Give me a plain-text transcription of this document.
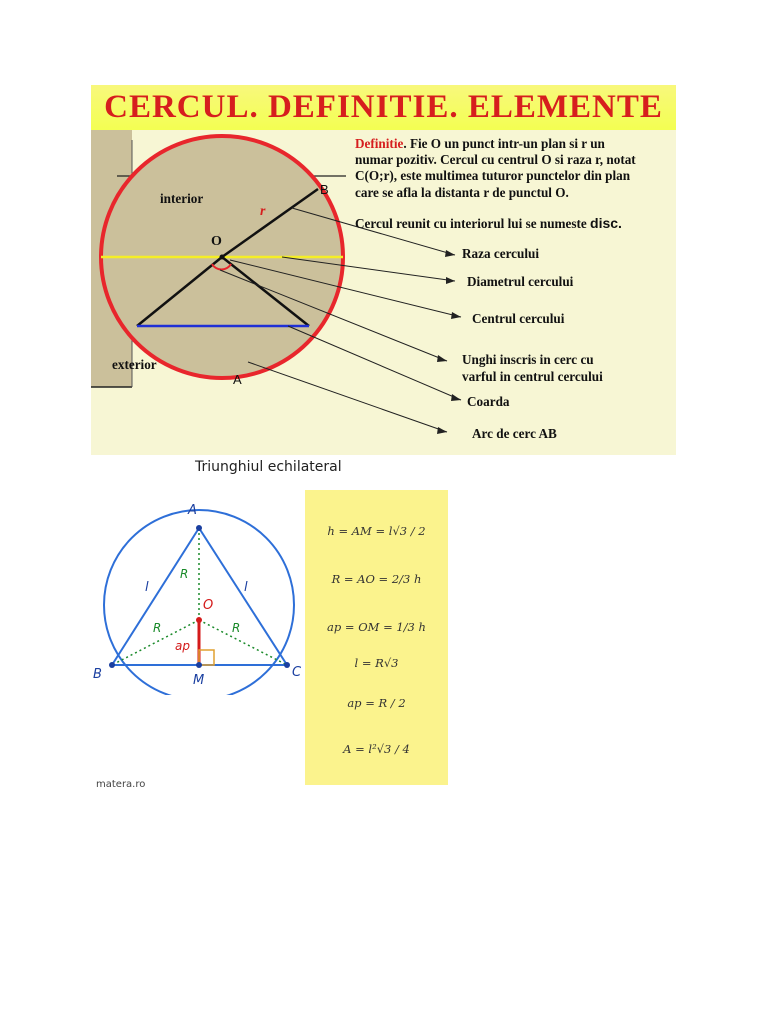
CERCUL. DEFINITIE. ELEMENTE
interior
exterior
O
r
B
A
Definitie. Fie O un punct intr-un plan si r un
numar pozitiv. Cercul cu centrul O si raza r, notat
C(O;r), este multimea tuturor punctelor din plan
care se afla la distanta r de punctul O.
Cercul reunit cu interiorul lui se numeste disc.
Raza cercului
Diametrul cercului
Centrul cercului
Unghi inscris in cerc cu
varful in centrul cercului
Coarda
Arc de cerc AB
Triunghiul echilateral
A
B	C
O
M
l	l
R
R	R
ap
h = AM = l√3 / 2
R = AO = 2/3 h
ap = OM = 1/3 h
l = R√3
ap = R / 2
A = l²√3 / 4
matera.ro
